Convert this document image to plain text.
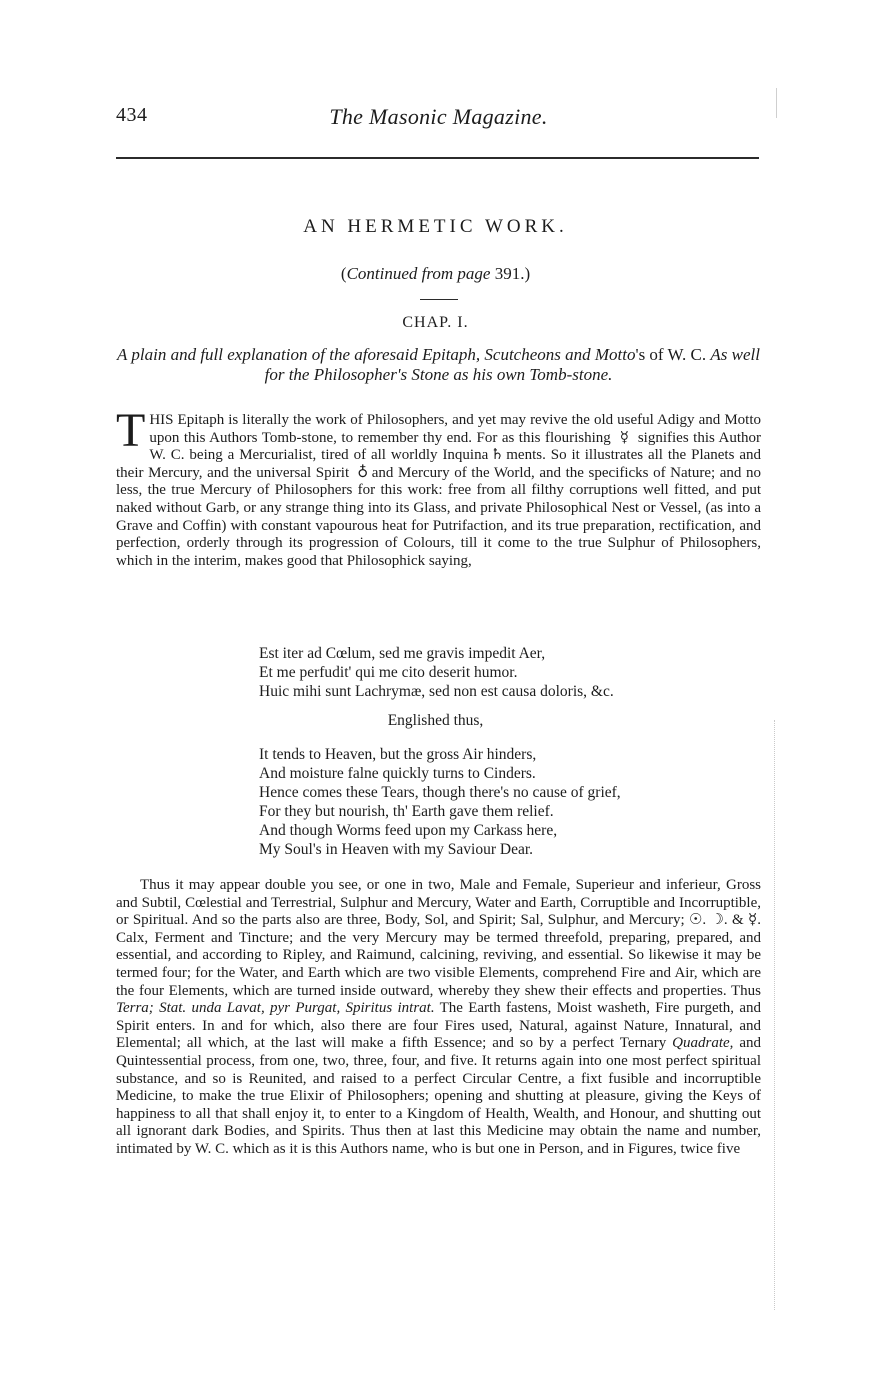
434	The Masonic Magazine.
AN HERMETIC WORK.
(Continued from page 391.)
CHAP. I.
A plain and full explanation of the aforesaid Epitaph, Scutcheons and Motto's of W. C. As well for the Philosopher's Stone as his own Tomb-stone.
THIS Epitaph is literally the work of Philosophers, and yet may revive the old useful Adigy and Motto upon this Authors Tomb-stone, to remember thy end. For as this flourishing ☿ signifies this Author W. C. being a Mercurialist, tired of all worldly Inquina ♄ ments. So it illustrates all the Planets and their Mercury, and the universal Spirit ♁ and Mercury of the World, and the specificks of Nature; and no less, the true Mercury of Philosophers for this work: free from all filthy corruptions well fitted, and put naked without Garb, or any strange thing into its Glass, and private Philosophical Nest or Vessel, (as into a Grave and Coffin) with constant vapourous heat for Putrifaction, and its true preparation, rectification, and perfection, orderly through its progression of Colours, till it come to the true Sulphur of Philosophers, which in the interim, makes good that Philosophick saying,
Est iter ad Cœlum, sed me gravis impedit Aer,
Et me perfudit' qui me cito deserit humor.
Huic mihi sunt Lachrymæ, sed non est causa doloris, &c.
Englished thus,
It tends to Heaven, but the gross Air hinders,
And moisture falne quickly turns to Cinders.
Hence comes these Tears, though there's no cause of grief,
For they but nourish, th' Earth gave them relief.
And though Worms feed upon my Carkass here,
My Soul's in Heaven with my Saviour Dear.
Thus it may appear double you see, or one in two, Male and Female, Superieur and inferieur, Gross and Subtil, Cœlestial and Terrestrial, Sulphur and Mercury, Water and Earth, Corruptible and Incorruptible, or Spiritual. And so the parts also are three, Body, Sol, and Spirit; Sal, Sulphur, and Mercury; ☉. ☽. & ☿. Calx, Ferment and Tincture; and the very Mercury may be termed threefold, preparing, prepared, and essential, and according to Ripley, and Raimund, calcining, reviving, and essential. So likewise it may be termed four; for the Water, and Earth which are two visible Elements, comprehend Fire and Air, which are the four Elements, which are turned inside outward, whereby they shew their effects and properties. Thus Terra; Stat. unda Lavat, pyr Purgat, Spiritus intrat. The Earth fastens, Moist washeth, Fire purgeth, and Spirit enters. In and for which, also there are four Fires used, Natural, against Nature, Innatural, and Elemental; all which, at the last will make a fifth Essence; and so by a perfect Ternary Quadrate, and Quintessential process, from one, two, three, four, and five. It returns again into one most perfect spiritual substance, and so is Reunited, and raised to a perfect Circular Centre, a fixt fusible and incorruptible Medicine, to make the true Elixir of Philosophers; opening and shutting at pleasure, giving the Keys of happiness to all that shall enjoy it, to enter to a Kingdom of Health, Wealth, and Honour, and shutting out all ignorant dark Bodies, and Spirits. Thus then at last this Medicine may obtain the name and number, intimated by W. C. which as it is this Authors name, who is but one in Person, and in Figures, twice five
